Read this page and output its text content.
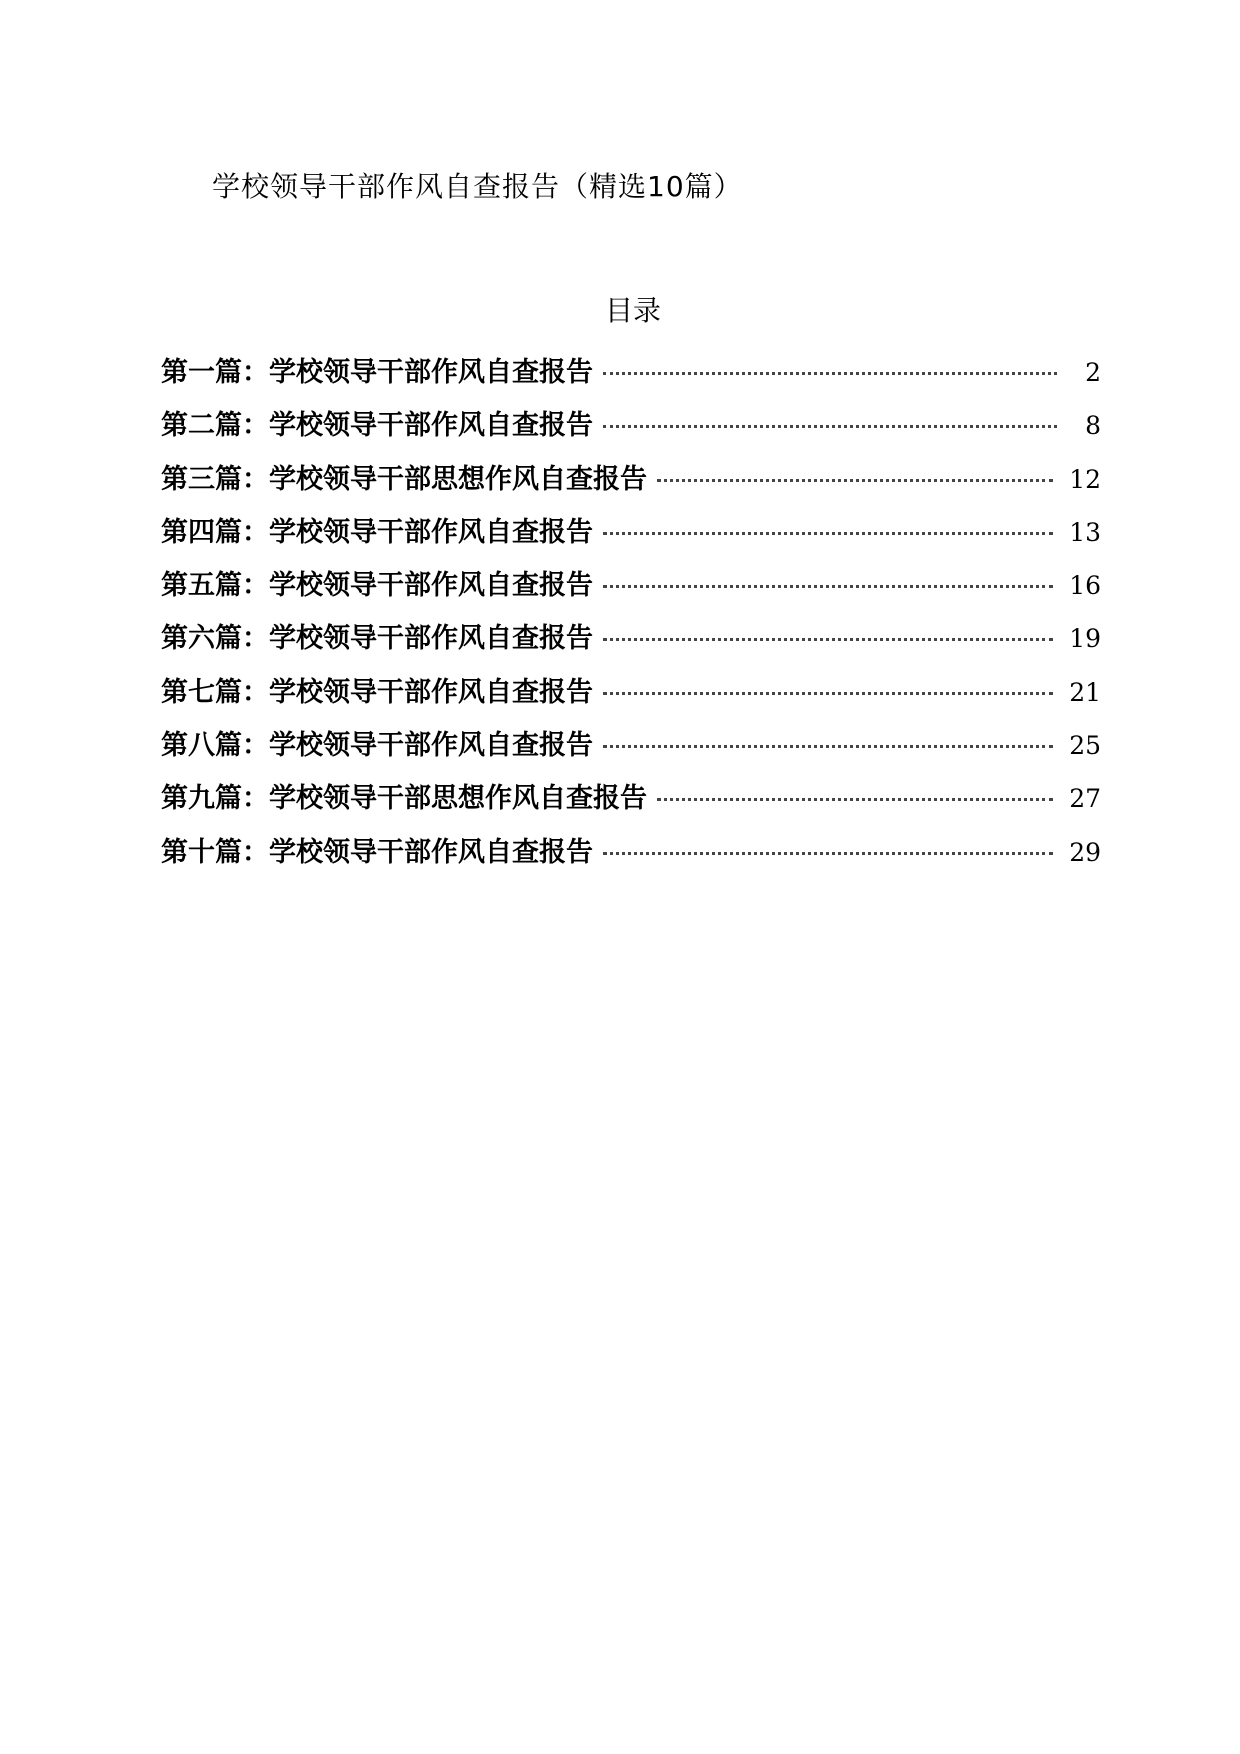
学校领导干部作风自查报告（精选10篇）
目录
第一篇：学校领导干部作风自查报告	2
第二篇：学校领导干部作风自查报告	8
第三篇：学校领导干部思想作风自查报告	12
第四篇：学校领导干部作风自查报告	13
第五篇：学校领导干部作风自查报告	16
第六篇：学校领导干部作风自查报告	19
第七篇：学校领导干部作风自查报告	21
第八篇：学校领导干部作风自查报告	25
第九篇：学校领导干部思想作风自查报告	27
第十篇：学校领导干部作风自查报告	29
